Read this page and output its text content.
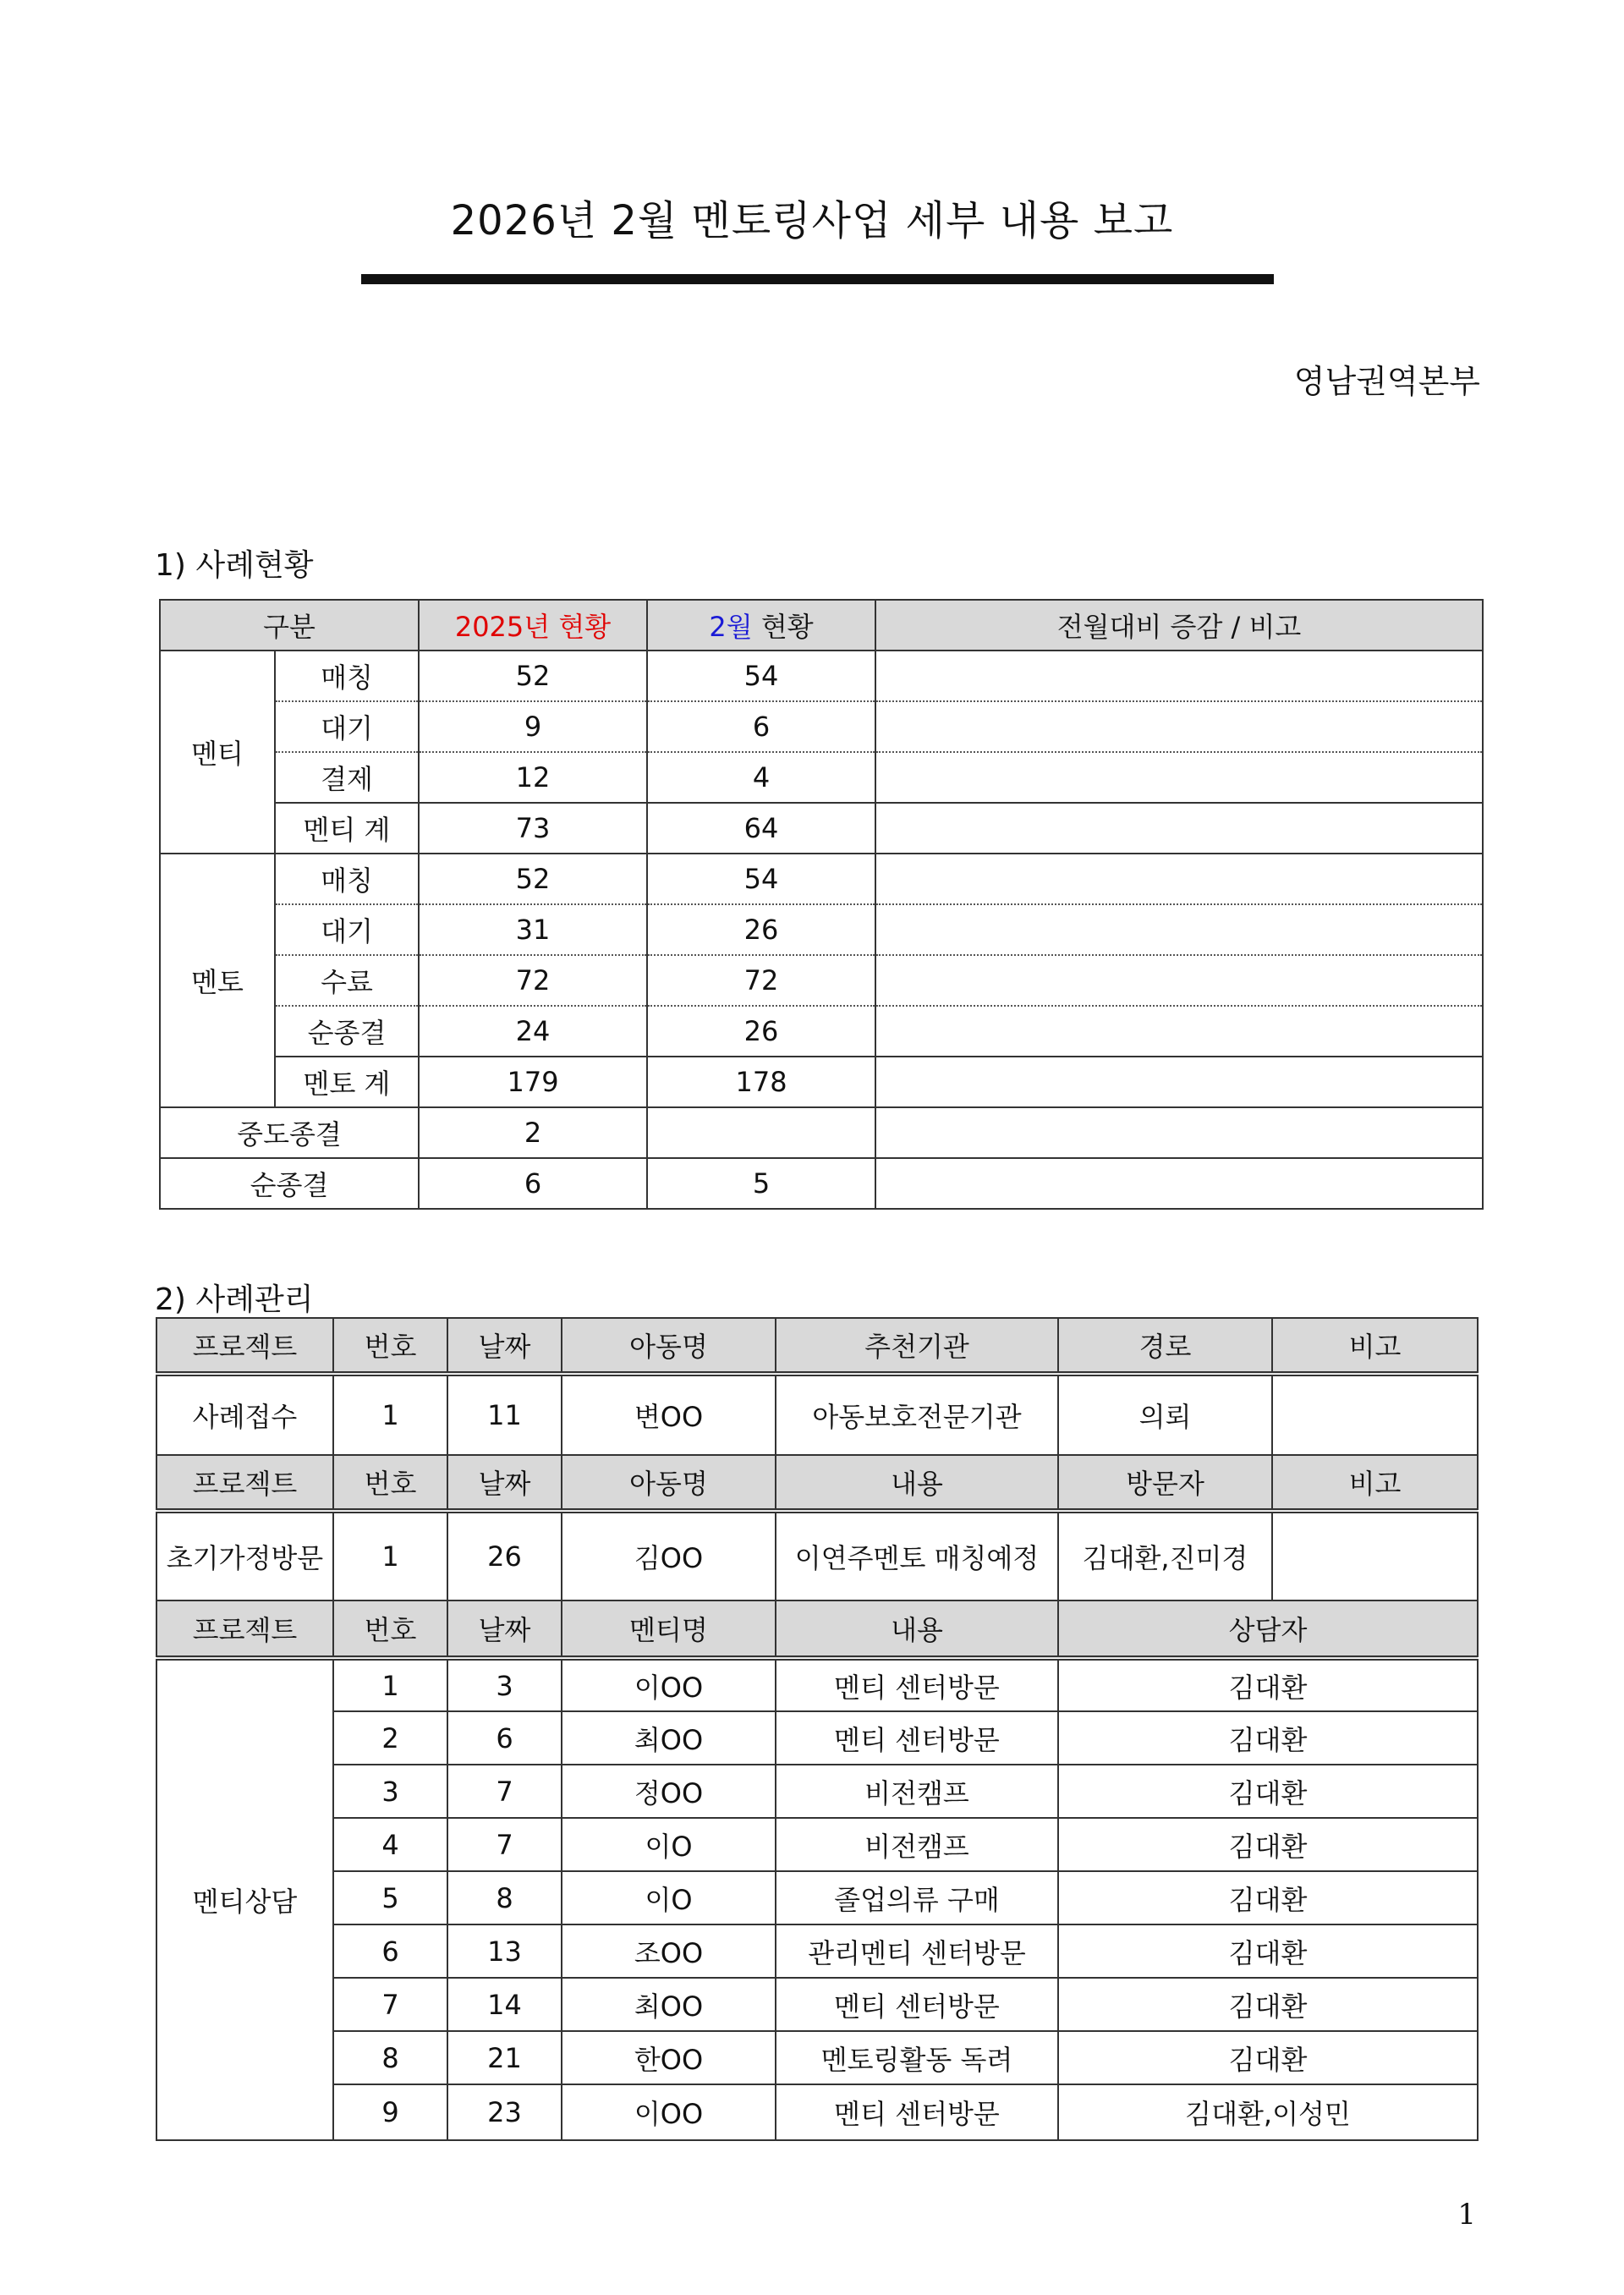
2026년 2월 멘토링사업 세부 내용 보고
영남권역본부
1) 사례현황
구분		2025년 현황	2월 현황	전월대비 증감 / 비고
멘티	매칭	52	54	
	대기	9	6	
	결제	12	4	
	멘티 계	73	64	
멘토	매칭	52	54	
	대기	31	26	
	수료	72	72	
	순종결	24	26	
	멘토 계	179	178	
중도종결		2		
순종결		6	5	
2) 사례관리
프로젝트	번호	날짜	아동명	추천기관	경로	비고
사례접수	1	11	변OO	아동보호전문기관	의뢰	
프로젝트	번호	날짜	아동명	내용	방문자	비고
초기가정방문	1	26	김OO	이연주멘토 매칭예정	김대환,진미경	
프로젝트	번호	날짜	멘티명	내용	상담자	
멘티상담	1	3	이OO	멘티 센터방문	김대환	
	2	6	최OO	멘티 센터방문	김대환	
	3	7	정OO	비전캠프	김대환	
	4	7	이O	비전캠프	김대환	
	5	8	이O	졸업의류 구매	김대환	
	6	13	조OO	관리멘티 센터방문	김대환	
	7	14	최OO	멘티 센터방문	김대환	
	8	21	한OO	멘토링활동 독려	김대환	
	9	23	이OO	멘티 센터방문	김대환,이성민	
1
